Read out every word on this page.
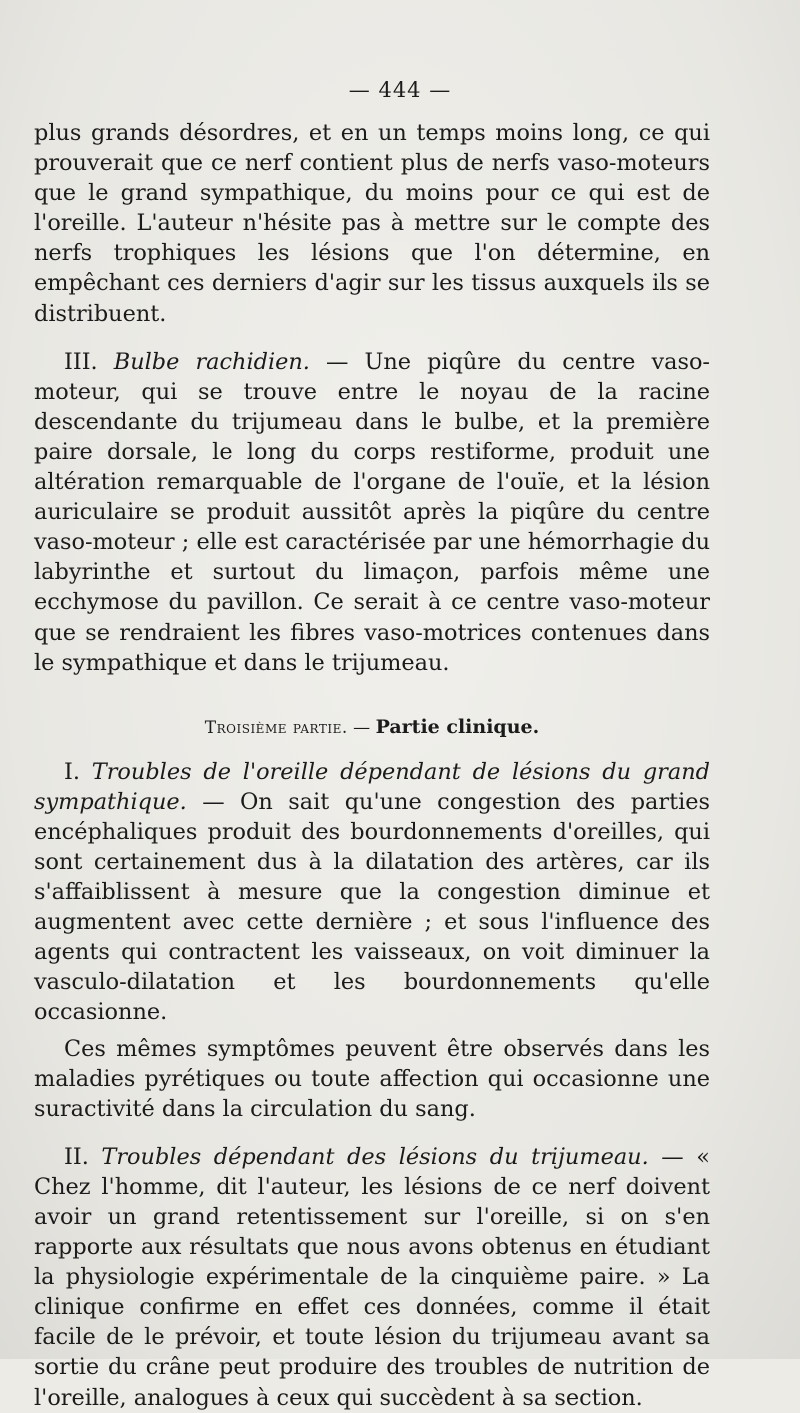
— 444 —

plus grands désordres, et en un temps moins long, ce qui prouverait que ce nerf contient plus de nerfs vaso-moteurs que le grand sympathique, du moins pour ce qui est de l'oreille. L'auteur n'hésite pas à mettre sur le compte des nerfs trophiques les lésions que l'on détermine, en empêchant ces derniers d'agir sur les tissus auxquels ils se distribuent.

III. Bulbe rachidien. — Une piqûre du centre vaso-moteur, qui se trouve entre le noyau de la racine descendante du trijumeau dans le bulbe, et la première paire dorsale, le long du corps restiforme, produit une altération remarquable de l'organe de l'ouïe, et la lésion auriculaire se produit aussitôt après la piqûre du centre vaso-moteur ; elle est caractérisée par une hémorrhagie du labyrinthe et surtout du limaçon, parfois même une ecchymose du pavillon. Ce serait à ce centre vaso-moteur que se rendraient les fibres vaso-motrices contenues dans le sympathique et dans le trijumeau.

Troisième partie. — Partie clinique.

I. Troubles de l'oreille dépendant de lésions du grand sympathique. — On sait qu'une congestion des parties encéphaliques produit des bourdonnements d'oreilles, qui sont certainement dus à la dilatation des artères, car ils s'affaiblissent à mesure que la congestion diminue et augmentent avec cette dernière ; et sous l'influence des agents qui contractent les vaisseaux, on voit diminuer la vasculo-dilatation et les bourdonnements qu'elle occasionne.

Ces mêmes symptômes peuvent être observés dans les maladies pyrétiques ou toute affection qui occasionne une suractivité dans la circulation du sang.

II. Troubles dépendant des lésions du trijumeau. — « Chez l'homme, dit l'auteur, les lésions de ce nerf doivent avoir un grand retentissement sur l'oreille, si on s'en rapporte aux résultats que nous avons obtenus en étudiant la physiologie expérimentale de la cinquième paire. » La clinique confirme en effet ces données, comme il était facile de le prévoir, et toute lésion du trijumeau avant sa sortie du crâne peut produire des troubles de nutrition de l'oreille, analogues à ceux qui succèdent à sa section.
